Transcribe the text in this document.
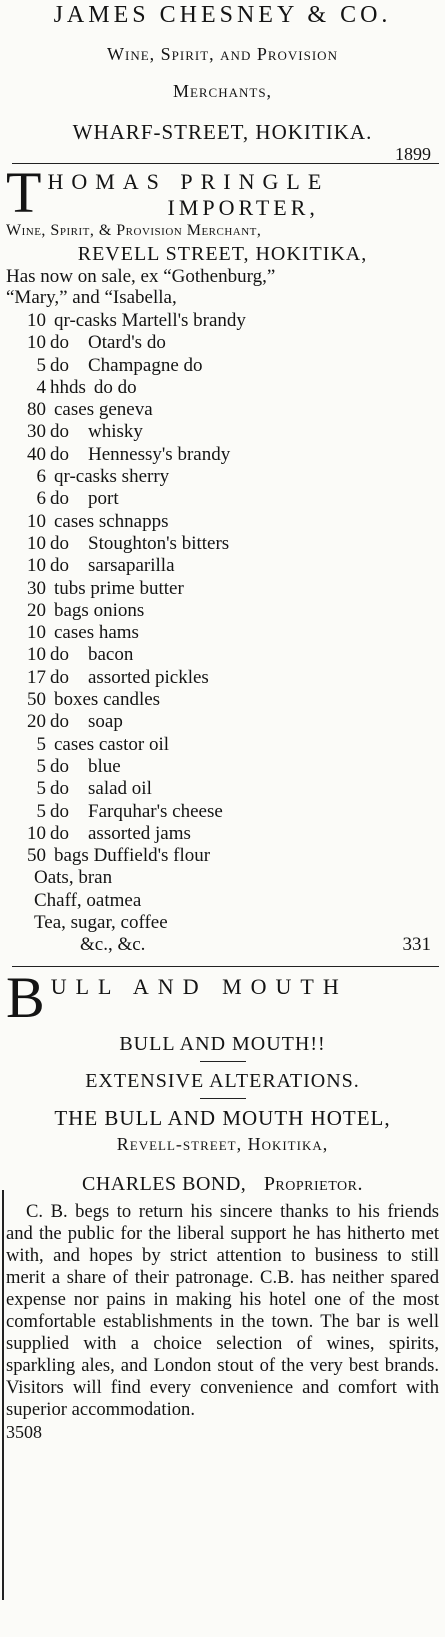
JAMES CHESNEY & CO.
Wine, Spirit, and Provision
Merchants,
WHARF-STREET, HOKITIKA.
1899
T HOMAS PRINGLE
IMPORTER,
Wine, Spirit, & Provision Merchant,
REVELL STREET, HOKITIKA,
Has now on sale, ex “Gothenburg,”
“Mary,” and “Isabella,
10 qr-casks Martell's brandy
10 do Otard's do
5 do Champagne do
4 hhds do do
80 cases geneva
30 do whisky
40 do Hennessy's brandy
6 qr-casks sherry
6 do port
10 cases schnapps
10 do Stoughton's bitters
10 do sarsaparilla
30 tubs prime butter
20 bags onions
10 cases hams
10 do bacon
17 do assorted pickles
50 boxes candles
20 do soap
5 cases castor oil
5 do blue
5 do salad oil
5 do Farquhar's cheese
10 do assorted jams
50 bags Duffield's flour
Oats, bran
Chaff, oatmea
Tea, sugar, coffee
&c., &c.	331
B ULL AND MOUTH
BULL AND MOUTH!!
EXTENSIVE ALTERATIONS.
THE BULL AND MOUTH HOTEL,
Revell-street, Hokitika,
CHARLES BOND, Proprietor.

C. B. begs to return his sincere thanks to his friends and the public for the liberal support he has hitherto met with, and hopes by strict attention to business to still merit a share of their patronage. C.B. has neither spared expense nor pains in making his hotel one of the most comfortable establishments in the town. The bar is well supplied with a choice selection of wines, spirits, sparkling ales, and London stout of the very best brands. Visitors will find every convenience and comfort with superior accommodation.

3508
